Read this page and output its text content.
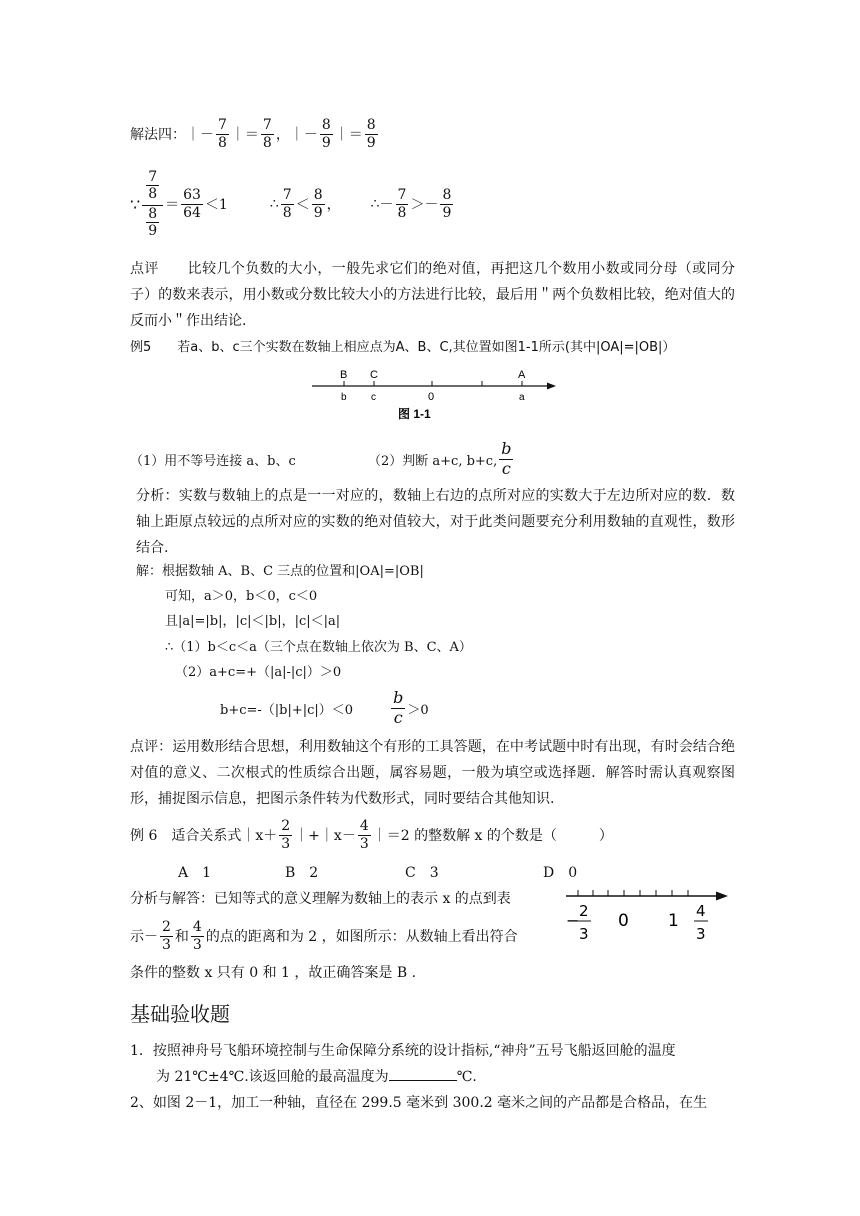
解法四： ｜－ $\frac{7}{8}$ ｜＝ $\frac{7}{8}$ ， ｜－ $\frac{8}{9}$ ｜＝ $\frac{8}{9}$
∵ $\frac{\frac{7}{8}}{\frac{8}{9}} = \frac{63}{64} <1$	∴ $\frac{7}{8} < \frac{8}{9}$ ， ∴ － $\frac{7}{8} >- \frac{8}{9}$
点评　　比较几个负数的大小，一般先求它们的绝对值，再把这几个数用小数或同分母（或同分子）的数来表示，用小数或分数比较大小的方法进行比较，最后用＂两个负数相比较，绝对值大的反而小＂作出结论.
例5　　若a、b、c三个实数在数轴上相应点为A、B、C,其位置如图1-1所示(其中|OA|=|OB|）
B C	A
b c	0	a
图 1-1
（1）用不等号连接 a、b、c	（2）判断 a+c, b+c, $\frac{b}{c}$
分析：实数与数轴上的点是一一对应的，数轴上右边的点所对应的实数大于左边所对应的数．数轴上距原点较远的点所对应的实数的绝对值较大，对于此类问题要充分利用数轴的直观性，数形结合.
解：根据数轴 A、B、C 三点的位置和|OA|=|OB|
可知，a＞0，b＜0，c＜0
且|a|=|b|，|c|＜|b|，|c|＜|a|
∴（1）b＜c＜a（三个点在数轴上依次为 B、C、A）
（2）a+c=+（|a|-|c|）＞0
$b+c=-(|b|+|c|)<0 \frac{b}{c} >0$
点评：运用数形结合思想，利用数轴这个有形的工具答题，在中考试题中时有出现，有时会结合绝对值的意义、二次根式的性质综合出题，属容易题，一般为填空或选择题．解答时需认真观察图形，捕捉图示信息，把图示条件转为代数形式，同时要结合其他知识.
例 6　适合关系式｜x＋ $\frac{2}{3}$ ｜+｜x－ $\frac{4}{3}$ ｜＝2 的整数解 x 的个数是（　　　）
A　1	B　2	C　3	D　0
分析与解答：已知等式的意义理解为数轴上的表示 x 的点到表
示－ $\frac{2}{3}$ 和 $\frac{4}{3}$ 的点的距离和为 2 ，如图所示：从数轴上看出符合
条件的整数 x 只有 0 和 1 ，故正确答案是 B .
− 2
3
0 1 4
3
基础验收题
1．按照神舟号飞船环境控制与生命保障分系统的设计指标,“神舟”五号飞船返回舱的温度
为 21℃±4℃.该返回舱的最高温度为	℃.
2、如图 2－1，加工一种轴，直径在 299.5 毫米到 300.2 毫米之间的产品都是合格品，在生
